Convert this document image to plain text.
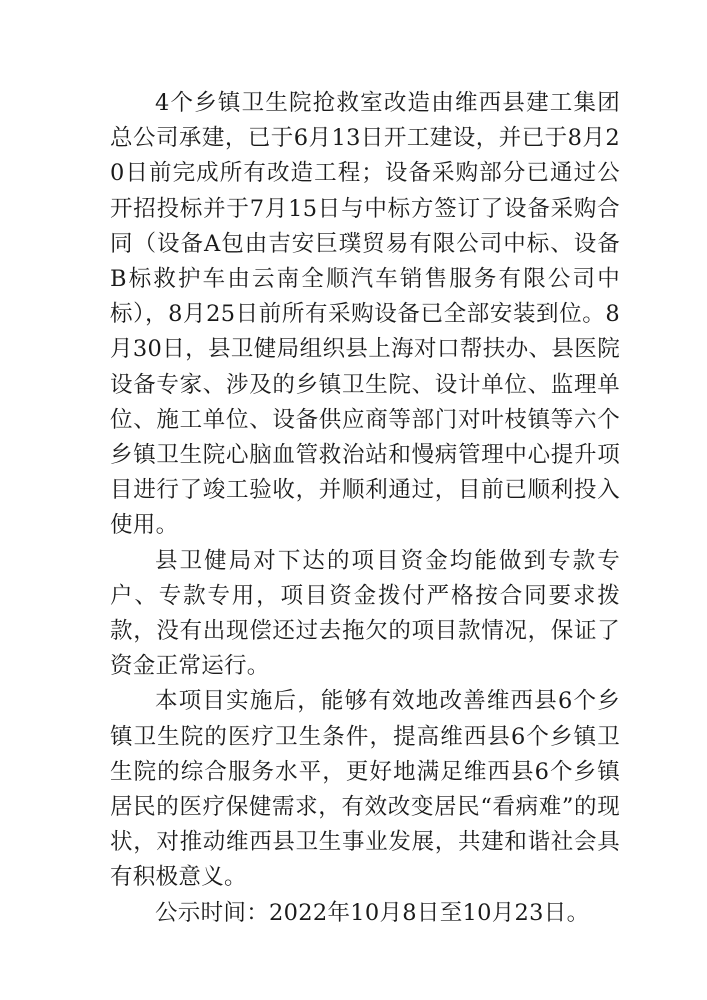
4个乡镇卫生院抢救室改造由维西县建工集团总公司承建，已于6月13日开工建设，并已于8月20日前完成所有改造工程；设备采购部分已通过公开招投标并于7月15日与中标方签订了设备采购合同（设备A包由吉安巨璞贸易有限公司中标、设备B标救护车由云南全顺汽车销售服务有限公司中标），8月25日前所有采购设备已全部安装到位。8月30日，县卫健局组织县上海对口帮扶办、县医院设备专家、涉及的乡镇卫生院、设计单位、监理单位、施工单位、设备供应商等部门对叶枝镇等六个乡镇卫生院心脑血管救治站和慢病管理中心提升项目进行了竣工验收，并顺利通过，目前已顺利投入使用。

县卫健局对下达的项目资金均能做到专款专户、专款专用，项目资金拨付严格按合同要求拨款，没有出现偿还过去拖欠的项目款情况，保证了资金正常运行。

本项目实施后，能够有效地改善维西县6个乡镇卫生院的医疗卫生条件，提高维西县6个乡镇卫生院的综合服务水平，更好地满足维西县6个乡镇居民的医疗保健需求，有效改变居民“看病难”的现状，对推动维西县卫生事业发展，共建和谐社会具有积极意义。

公示时间：2022年10月8日至10月23日。
